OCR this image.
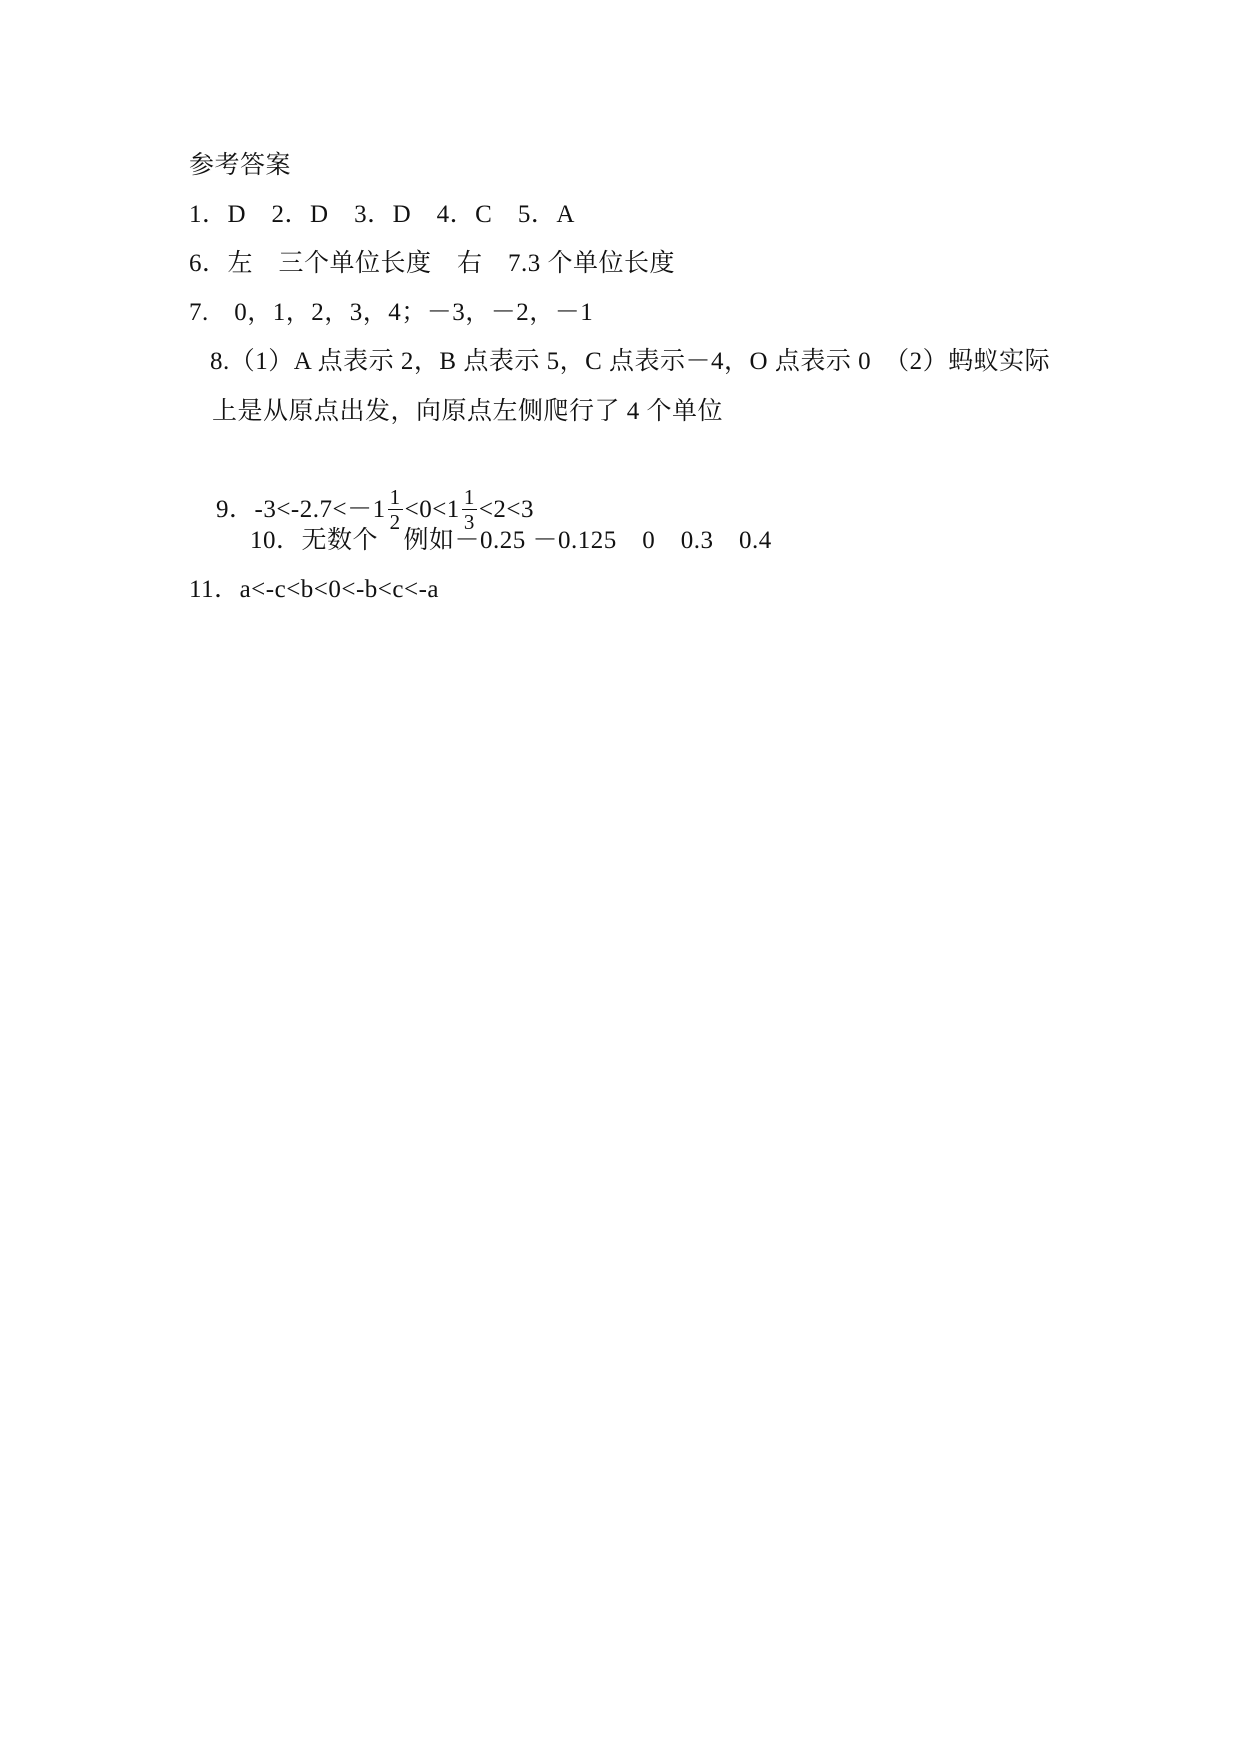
参考答案
1．D　2．D　3．D　4．C　5．A
6．左　三个单位长度　右　7.3 个单位长度
7.　0，1，2，3，4；－3，－2，－1
8.（1）A 点表示 2，B 点表示 5，C 点表示－4，O 点表示 0　（2）蚂蚁实际
上是从原点出发，向原点左侧爬行了 4 个单位

9．$-3<-2.7<-1 \frac{1}{2} <0<1 \frac{1}{3} <2<3$

10．无数个　例如－0.25 －0.125　0　0.3　0.4
11．a<-c<b<0<-b<c<-a
